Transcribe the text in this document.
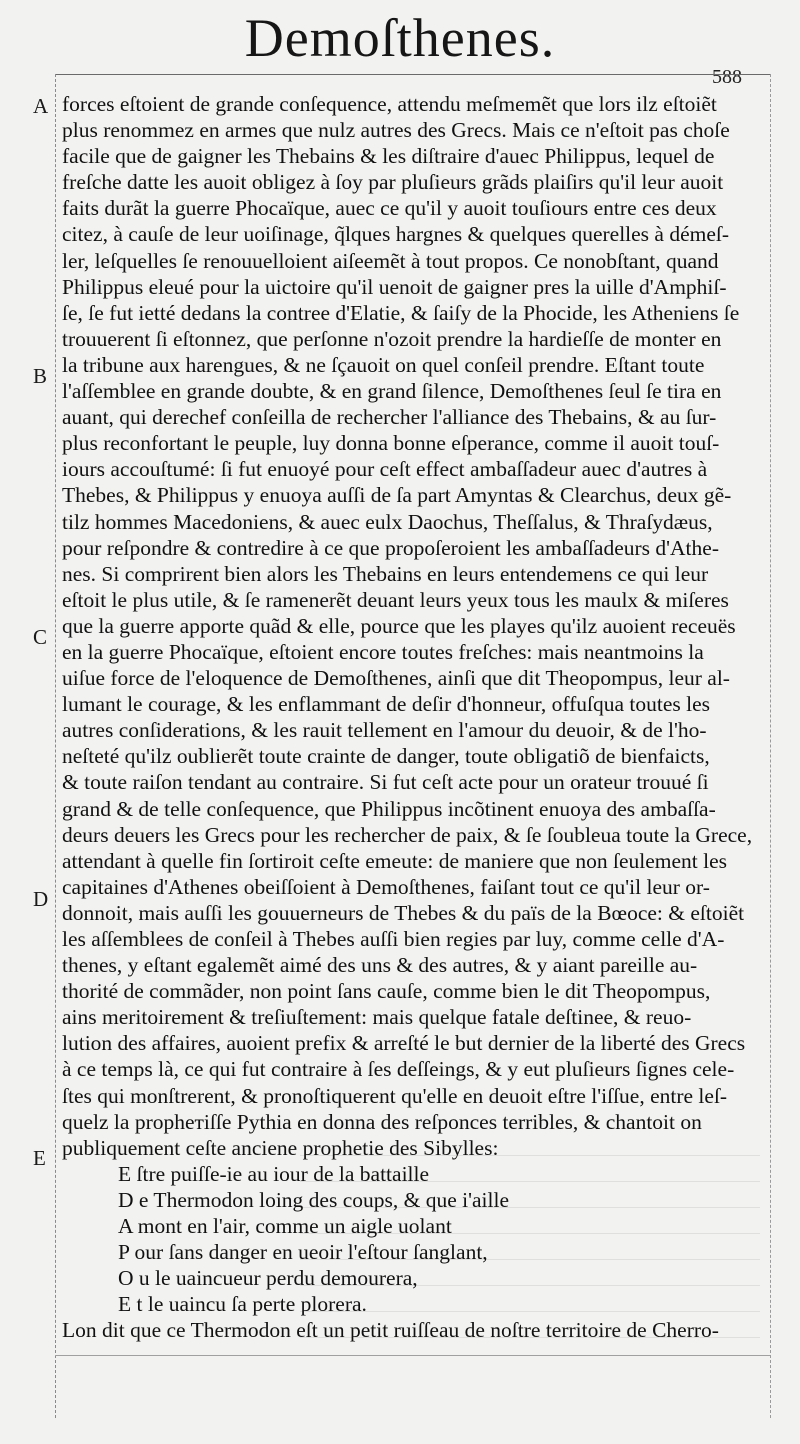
Demoſthenes.
588
A
B
C
D
E
forces eſtoient de grande conſequence, attendu meſmemẽt que lors ilz eſtoiẽt
plus renommez en armes que nulz autres des Grecs. Mais ce n'eſtoit pas choſe
facile que de gaigner les Thebains & les diſtraire d'auec Philippus, lequel de
freſche datte les auoit obligez à ſoy par pluſieurs grãds plaiſirs qu'il leur auoit
faits durãt la guerre Phocaïque, auec ce qu'il y auoit touſiours entre ces deux
citez, à cauſe de leur uoiſinage, q̃lques hargnes & quelques querelles à démeſ-
ler, leſquelles ſe renouuelloient aiſeemẽt à tout propos. Ce nonobſtant, quand
Philippus eleué pour la uictoire qu'il uenoit de gaigner pres la uille d'Amphiſ-
ſe, ſe fut ietté dedans la contree d'Elatie, & ſaiſy de la Phocide, les Atheniens ſe
trouuerent ſi eſtonnez, que perſonne n'ozoit prendre la hardieſſe de monter en
la tribune aux harengues, & ne ſçauoit on quel conſeil prendre. Eſtant toute
l'aſſemblee en grande doubte, & en grand ſilence, Demoſthenes ſeul ſe tira en
auant, qui derechef conſeilla de rechercher l'alliance des Thebains, & au ſur-
plus reconfortant le peuple, luy donna bonne eſperance, comme il auoit touſ-
iours accouſtumé: ſi fut enuoyé pour ceſt effect ambaſſadeur auec d'autres à
Thebes, & Philippus y enuoya auſſi de ſa part Amyntas & Clearchus, deux gẽ-
tilz hommes Macedoniens, & auec eulx Daochus, Theſſalus, & Thraſydæus,
pour reſpondre & contredire à ce que propoſeroient les ambaſſadeurs d'Athe-
nes. Si comprirent bien alors les Thebains en leurs entendemens ce qui leur
eſtoit le plus utile, & ſe ramenerẽt deuant leurs yeux tous les maulx & miſeres
que la guerre apporte quãd & elle, pource que les playes qu'ilz auoient receuës
en la guerre Phocaïque, eſtoient encore toutes freſches: mais neantmoins la
uiſue force de l'eloquence de Demoſthenes, ainſi que dit Theopompus, leur al-
lumant le courage, & les enflammant de deſir d'honneur, offuſqua toutes les
autres conſiderations, & les rauit tellement en l'amour du deuoir, & de l'ho-
neſteté qu'ilz oublierẽt toute crainte de danger, toute obligatiõ de bienfaicts,
& toute raiſon tendant au contraire. Si fut ceſt acte pour un orateur trouué ſi
grand & de telle conſequence, que Philippus incõtinent enuoya des ambaſſa-
deurs deuers les Grecs pour les rechercher de paix, & ſe ſoubleua toute la Grece,
attendant à quelle fin ſortiroit ceſte emeute: de maniere que non ſeulement les
capitaines d'Athenes obeiſſoient à Demoſthenes, faiſant tout ce qu'il leur or-
donnoit, mais auſſi les gouuerneurs de Thebes & du païs de la Bœoce: & eſtoiẽt
les aſſemblees de conſeil à Thebes auſſi bien regies par luy, comme celle d'A-
thenes, y eſtant egalemẽt aimé des uns & des autres, & y aiant pareille au-
thorité de commãder, non point ſans cauſe, comme bien le dit Theopompus,
ains meritoirement & treſiuſtement: mais quelque fatale deſtinee, & reuo-
lution des affaires, auoient prefix & arreſté le but dernier de la liberté des Grecs
à ce temps là, ce qui fut contraire à ſes deſſeings, & y eut pluſieurs ſignes cele-
ſtes qui monſtrerent, & pronoſtiquerent qu'elle en deuoit eſtre l'iſſue, entre leſ-
quelz la propheтiſſe Pythia en donna des reſponces terribles, & chantoit on
publiquement ceſte anciene prophetie des Sibylles:
E ſtre puiſſe-ie au iour de la battaille
D e Thermodon loing des coups, & que i'aille
A mont en l'air, comme un aigle uolant
P our ſans danger en ueoir l'eſtour ſanglant,
O u le uaincueur perdu demourera,
E t le uaincu ſa perte plorera.
Lon dit que ce Thermodon eſt un petit ruiſſeau de noſtre territoire de Cherro-
